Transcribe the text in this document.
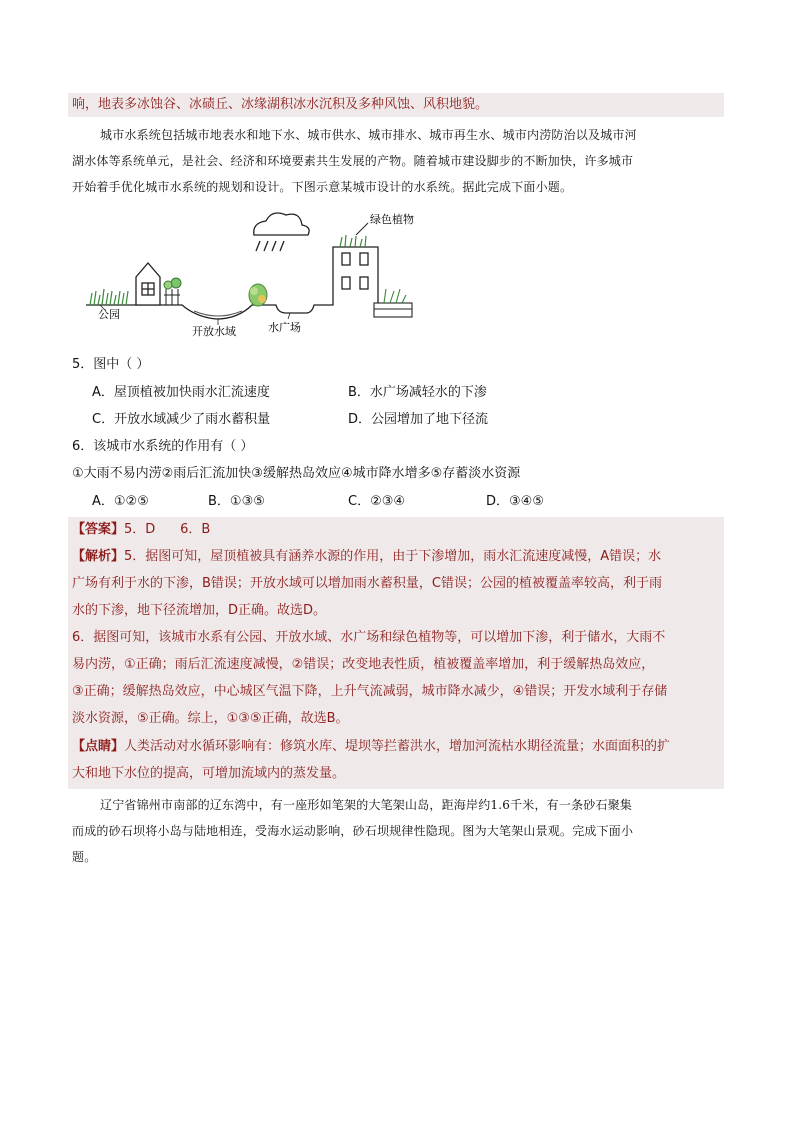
响，地表多冰蚀谷、冰碛丘、冰缘湖积冰水沉积及多种风蚀、风积地貌。
城市水系统包括城市地表水和地下水、城市供水、城市排水、城市再生水、城市内涝防治以及城市河
湖水体等系统单元，是社会、经济和环境要素共生发展的产物。随着城市建设脚步的不断加快，许多城市
开始着手优化城市水系统的规划和设计。下图示意某城市设计的水系统。据此完成下面小题。
公园
开放水域	水广场
绿色植物
5．图中（ ）
A．屋顶植被加快雨水汇流速度	B．水广场减轻水的下渗
C．开放水域减少了雨水蓄积量	D．公园增加了地下径流
6．该城市水系统的作用有（ ）
①大雨不易内涝②雨后汇流加快③缓解热岛效应④城市降水增多⑤存蓄淡水资源
A．①②⑤	B．①③⑤	C．②③④	D．③④⑤
【答案】5．D      6．B
【解析】5．据图可知，屋顶植被具有涵养水源的作用，由于下渗增加，雨水汇流速度减慢，A错误；水
广场有利于水的下渗，B错误；开放水域可以增加雨水蓄积量，C错误；公园的植被覆盖率较高，利于雨
水的下渗，地下径流增加，D正确。故选D。
6．据图可知，该城市水系有公园、开放水域、水广场和绿色植物等，可以增加下渗，利于储水，大雨不
易内涝，①正确；雨后汇流速度减慢，②错误；改变地表性质，植被覆盖率增加，利于缓解热岛效应，
③正确；缓解热岛效应，中心城区气温下降，上升气流减弱，城市降水减少，④错误；开发水域利于存储
淡水资源，⑤正确。综上，①③⑤正确，故选B。
【点睛】人类活动对水循环影响有：修筑水库、堤坝等拦蓄洪水，增加河流枯水期径流量；水面面积的扩
大和地下水位的提高，可增加流域内的蒸发量。
辽宁省锦州市南部的辽东湾中，有一座形如笔架的大笔架山岛，距海岸约1.6千米，有一条砂石聚集
而成的砂石坝将小岛与陆地相连，受海水运动影响，砂石坝规律性隐现。图为大笔架山景观。完成下面小
题。
